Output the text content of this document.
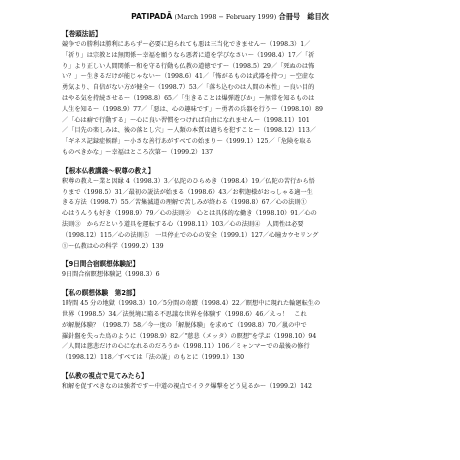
PATIPADĀ (March 1998 − February 1999) 合冊号　総目次
【巻頭法話】
競争での勝利は勝利にあらず～必要に迫られても悪は三当化できません～（1998.3）1／
「祈り」は宗教とは無関係～幸福を願うなら悪者に道を学びなさい～（1998.4）17／「祈
り」より正しい人間関係～和を守る行動も仏教の道徳です～（1998.5）29／「死ぬのは怖
い？」～生きるだけが能じゃない～（1998.6）41／「怖がるものは武器を持つ」～空虚な
勇気より、自信がない方が健全～（1998.7）53／「落ち込むのは人間の本性」～良い目的
はやる気を持続させる～（1998.8）65／「生きることは爆弾遊びか」～無常を知るものは
人生を知る～（1998.9）77／「悪は、心の趣味です」～勇者の兵器を行う～（1998.10）89
／「心は癖で行動する」～心に良い習慣をつければ自由になれません～（1998.11）101
／「目先の楽しみは、後の落とし穴」～人類の本質は過ちを犯すこと～（1998.12）113／
「ギネス記録症候群」～小さな善行あがすべての始まり～（1999.1）125／「危険を取る
ものべきかな」～幸福はところ次第～（1999.2）137
【根本仏教講義～釈尊の教え】
釈尊の教え～業と因縁 4（1998.3）3／仏陀のひらめき（1998.4）19／仏陀の苦行から悟
りまで（1998.5）31／最初の説法が始まる（1998.6）43／お釈迦様がおっしゃる適一生
きる方法（1998.7）55／苦集滅道の理解で苦しみが終わる（1998.8）67／心の法則①
心はうんうも好き（1998.9）79／心の法則②　心とは具体的な働き（1998.10）91／心の
法則③　からだという道具を運転する心（1998.11）103／心の法則④　人間性は必要
（1998.12）115／心の法則⑤　一旦停止での心の安全（1999.1）127／心瞳カウセリング
①～仏教は心の科学（1999.2）139
【9日間合宿瞑想体験記】
9日間合宿瞑想体験記（1998.3）6
【私の瞑想体験　第2部】
1時間 45 分の地獄（1998.3）10／5分間の奇蹟（1998.4）22／瞑想中に現れた輪廻転生の
世界（1998.5）34／法悦境に陥る不思議な世界を体験す（1998.6）46／えっ！　これ
が解脱体験？（1998.7）58／今一度の「解脱体験」を求めて（1998.8）70／嵐の中で
羅針盤を失った鳥のように（1998.9）82／"慈悲（メッタ）の瞑想"を学ぶ（1998.10）94
／人間は慈悲だけの心になれるのだろうか（1998.11）106／ミャンマーでの最後の修行
（1998.12）118／すべては「法の説」のもとに（1999.1）130
【仏教の視点で見てみたら】
和解を促すべきなのは強者です～中道の視点でイラク爆撃をどう見るか～（1999.2）142
